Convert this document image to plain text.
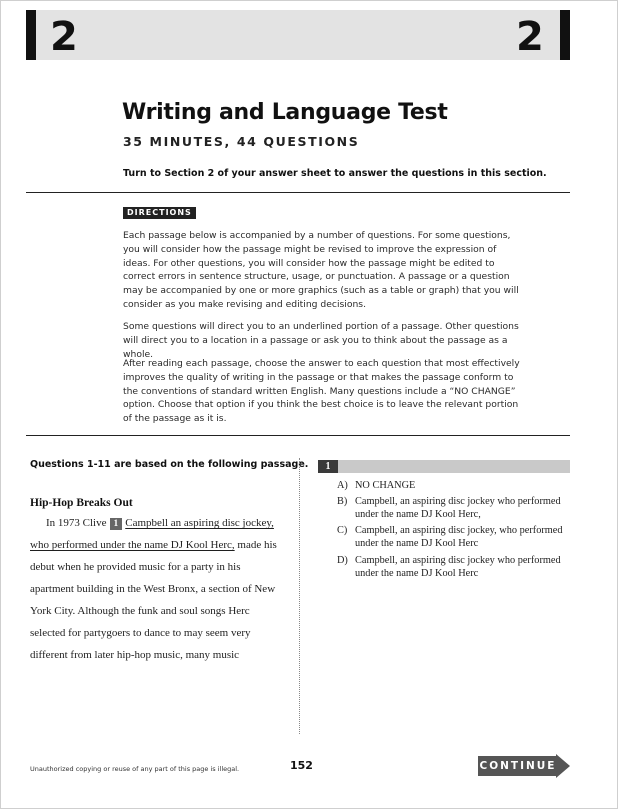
2	2
Writing and Language Test
35 MINUTES, 44 QUESTIONS
Turn to Section 2 of your answer sheet to answer the questions in this section.
DIRECTIONS

Each passage below is accompanied by a number of questions. For some questions, you will consider how the passage might be revised to improve the expression of ideas. For other questions, you will consider how the passage might be edited to correct errors in sentence structure, usage, or punctuation. A passage or a question may be accompanied by one or more graphics (such as a table or graph) that you will consider as you make revising and editing decisions.

Some questions will direct you to an underlined portion of a passage. Other questions will direct you to a location in a passage or ask you to think about the passage as a whole.

After reading each passage, choose the answer to each question that most effectively improves the quality of writing in the passage or that makes the passage conform to the conventions of standard written English. Many questions include a “NO CHANGE” option. Choose that option if you think the best choice is to leave the relevant portion of the passage as it is.

Questions 1-11 are based on the following passage.
Hip-Hop Breaks Out
In 1973 Clive 1 Campbell an aspiring disc jockey,
who performed under the name DJ Kool Herc, made his
debut when he provided music for a party in his
apartment building in the West Bronx, a section of New
York City. Although the funk and soul songs Herc
selected for partygoers to dance to may seem very
different from later hip-hop music, many music
1
A) NO CHANGE
B) Campbell, an aspiring disc jockey who performed under the name DJ Kool Herc,
C) Campbell, an aspiring disc jockey, who performed under the name DJ Kool Herc
D) Campbell, an aspiring disc jockey who performed under the name DJ Kool Herc
Unauthorized copying or reuse of any part of this page is illegal.	152	CONTINUE
